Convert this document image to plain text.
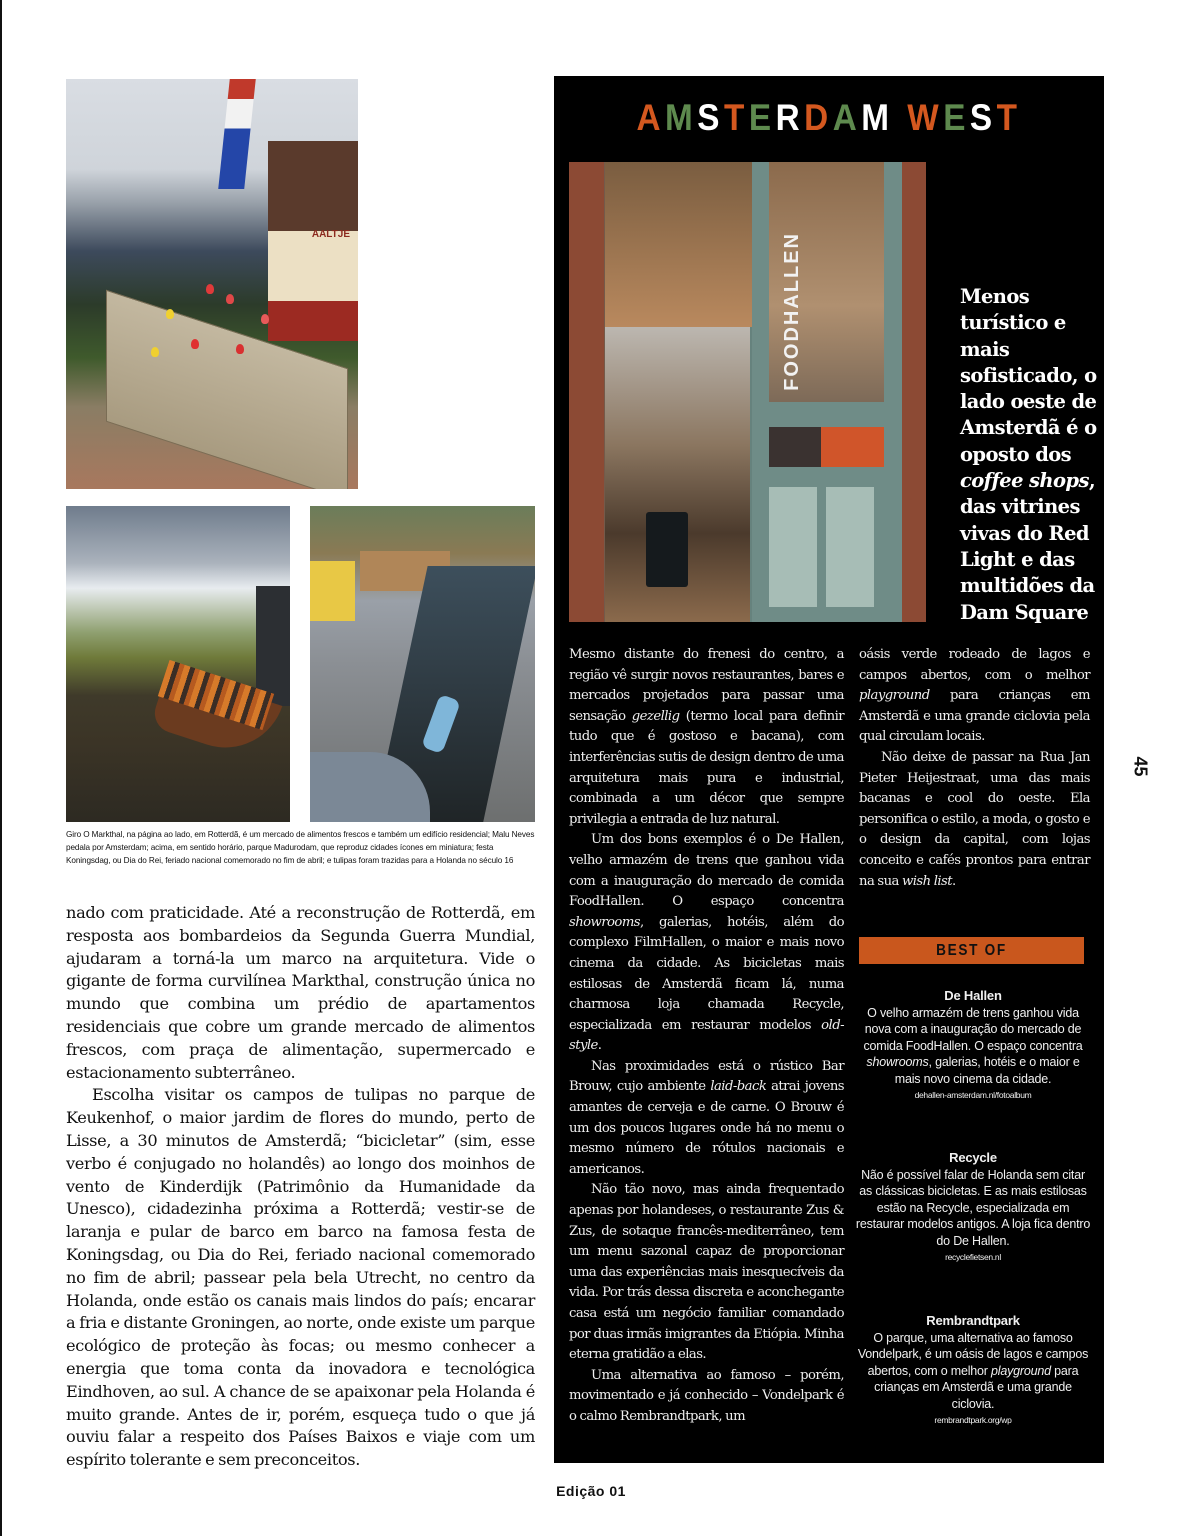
AALTJE
Giro O Markthal, na página ao lado, em Rotterdã, é um mercado de alimentos frescos e também um edifício residencial; Malu Neves pedala por Amsterdam; acima, em sentido horário, parque Madurodam, que reproduz cidades ícones em miniatura; festa Koningsdag, ou Dia do Rei, feriado nacional comemorado no fim de abril; e tulipas foram trazidas para a Holanda no século 16

nado com praticidade. Até a reconstrução de Rotterdã, em resposta aos bombardeios da Segunda Guerra Mundial, ajudaram a torná-la um marco na arquitetura. Vide o gigante de forma curvilínea Markthal, construção única no mundo que combina um prédio de apartamentos residenciais que cobre um grande mercado de alimentos frescos, com praça de alimentação, supermercado e estacionamento subterrâneo.

Escolha visitar os campos de tulipas no parque de Keukenhof, o maior jardim de flores do mundo, perto de Lisse, a 30 minutos de Amsterdã; “bicicletar” (sim, esse verbo é conjugado no holandês) ao longo dos moinhos de vento de Kinderdijk (Patrimônio da Humanidade da Unesco), cidadezinha próxima a Rotterdã; vestir-se de laranja e pular de barco em barco na famosa festa de Koningsdag, ou Dia do Rei, feriado nacional comemorado no fim de abril; passear pela bela Utrecht, no centro da Holanda, onde estão os canais mais lindos do país; encarar a fria e distante Groningen, ao norte, onde existe um parque ecológico de proteção às focas; ou mesmo conhecer a energia que toma conta da inovadora e tecnológica Eindhoven, ao sul. A chance de se apaixonar pela Holanda é muito grande. Antes de ir, porém, esqueça tudo o que já ouviu falar a respeito dos Países Baixos e viaje com um espírito tolerante e sem preconceitos.

AMSTERDAM WEST
FOODHALLEN	Menos turístico e mais sofisticado, o lado oeste de Amsterdã é o oposto dos coffee shops, das vitrines vivas do Red Light e das multidões da Dam Square

Mesmo distante do frenesi do centro, a região vê surgir novos restaurantes, bares e mercados projetados para passar uma sensação gezellig (termo local para definir tudo que é gostoso e bacana), com interferências sutis de design dentro de uma arquitetura mais pura e industrial, combinada a um décor que sempre privilegia a entrada de luz natural.

Um dos bons exemplos é o De Hallen, velho armazém de trens que ganhou vida com a inauguração do mercado de comida FoodHallen. O espaço concentra showrooms, galerias, hotéis, além do complexo FilmHallen, o maior e mais novo cinema da cidade. As bicicletas mais estilosas de Amsterdã ficam lá, numa charmosa loja chamada Recycle, especializada em restaurar modelos old-style.

Nas proximidades está o rústico Bar Brouw, cujo ambiente laid-back atrai jovens amantes de cerveja e de carne. O Brouw é um dos poucos lugares onde há no menu o mesmo número de rótulos nacionais e americanos.

Não tão novo, mas ainda frequentado apenas por holandeses, o restaurante Zus & Zus, de sotaque francês-mediterrâneo, tem um menu sazonal capaz de proporcionar uma das experiências mais inesquecíveis da vida. Por trás dessa discreta e aconchegante casa está um negócio familiar comandado por duas irmãs imigrantes da Etiópia. Minha eterna gratidão a elas.

Uma alternativa ao famoso – porém, movimentado e já conhecido – Vondelpark é o calmo Rembrandtpark, um

oásis verde rodeado de lagos e campos abertos, com o melhor playground para crianças em Amsterdã e uma grande ciclovia pela qual circulam locais.

Não deixe de passar na Rua Jan Pieter Heijestraat, uma das mais bacanas e cool do oeste. Ela personifica o estilo, a moda, o gosto e o design da capital, com lojas conceito e cafés prontos para entrar na sua wish list.

BEST OF
De Hallen
O velho armazém de trens ganhou vida nova com a inauguração do mercado de comida FoodHallen. O espaço concentra showrooms, galerias, hotéis e o maior e mais novo cinema da cidade.
dehallen-amsterdam.nl/fotoalbum
Recycle
Não é possível falar de Holanda sem citar as clássicas bicicletas. E as mais estilosas estão na Recycle, especializada em restaurar modelos antigos. A loja fica dentro do De Hallen.
recyclefietsen.nl
Rembrandtpark
O parque, uma alternativa ao famoso Vondelpark, é um oásis de lagos e campos abertos, com o melhor playground para crianças em Amsterdã e uma grande ciclovia.
rembrandtpark.org/wp
45
Edição 01
